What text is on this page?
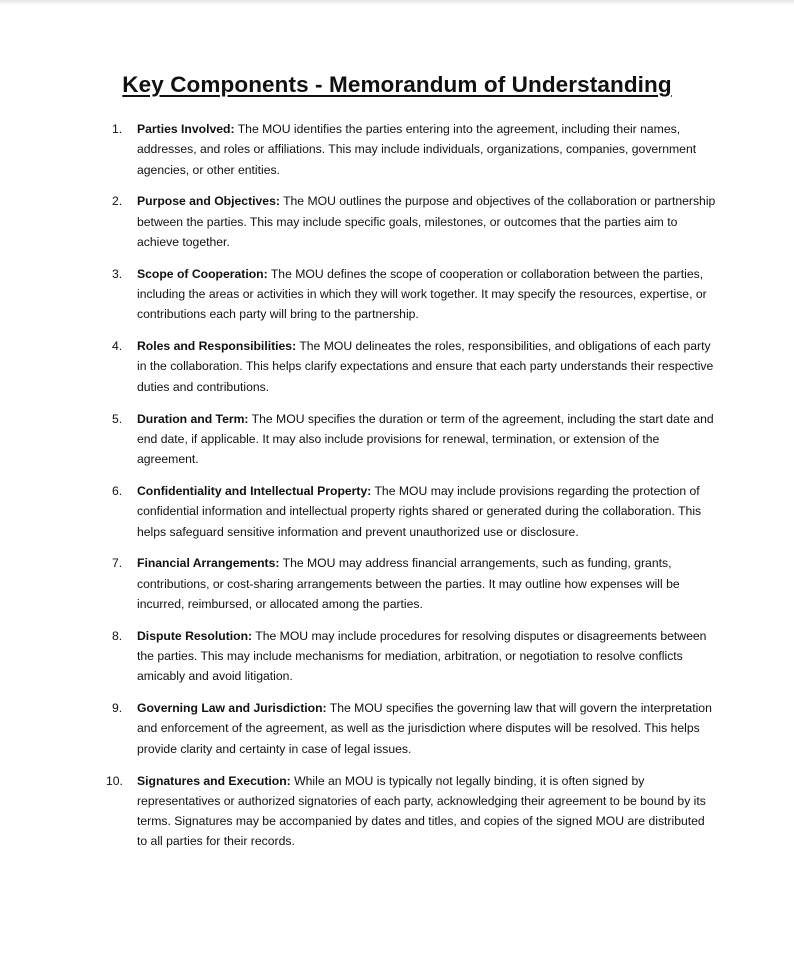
Key Components - Memorandum of Understanding
1.	Parties Involved: The MOU identifies the parties entering into the agreement, including their names, addresses, and roles or affiliations. This may include individuals, organizations, companies, government agencies, or other entities.
2.	Purpose and Objectives: The MOU outlines the purpose and objectives of the collaboration or partnership between the parties. This may include specific goals, milestones, or outcomes that the parties aim to achieve together.
3.	Scope of Cooperation: The MOU defines the scope of cooperation or collaboration between the parties, including the areas or activities in which they will work together. It may specify the resources, expertise, or contributions each party will bring to the partnership.
4.	Roles and Responsibilities: The MOU delineates the roles, responsibilities, and obligations of each party in the collaboration. This helps clarify expectations and ensure that each party understands their respective duties and contributions.
5.	Duration and Term: The MOU specifies the duration or term of the agreement, including the start date and end date, if applicable. It may also include provisions for renewal, termination, or extension of the agreement.
6.	Confidentiality and Intellectual Property: The MOU may include provisions regarding the protection of confidential information and intellectual property rights shared or generated during the collaboration. This helps safeguard sensitive information and prevent unauthorized use or disclosure.
7.	Financial Arrangements: The MOU may address financial arrangements, such as funding, grants, contributions, or cost-sharing arrangements between the parties. It may outline how expenses will be incurred, reimbursed, or allocated among the parties.
8.	Dispute Resolution: The MOU may include procedures for resolving disputes or disagreements between the parties. This may include mechanisms for mediation, arbitration, or negotiation to resolve conflicts amicably and avoid litigation.
9.	Governing Law and Jurisdiction: The MOU specifies the governing law that will govern the interpretation and enforcement of the agreement, as well as the jurisdiction where disputes will be resolved. This helps provide clarity and certainty in case of legal issues.
10.	Signatures and Execution: While an MOU is typically not legally binding, it is often signed by representatives or authorized signatories of each party, acknowledging their agreement to be bound by its terms. Signatures may be accompanied by dates and titles, and copies of the signed MOU are distributed to all parties for their records.
